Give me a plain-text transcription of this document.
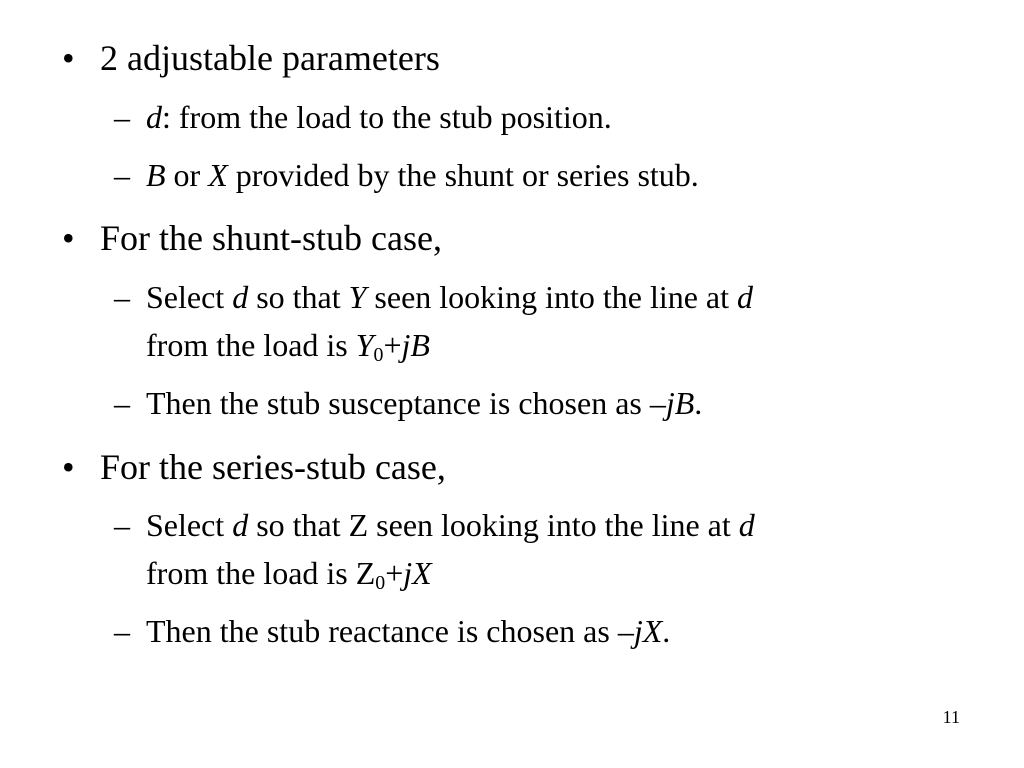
• 2 adjustable parameters
– d: from the load to the stub position.
– B or X provided by the shunt or series stub.
• For the shunt-stub case,
– Select d so that Y seen looking into the line at d
from the load is $Y_0+jB$
– Then the stub susceptance is chosen as –jB.
• For the series-stub case,
– Select d so that Z seen looking into the line at d
from the load is $Z_0+jX$
– Then the stub reactance is chosen as –jX.
11
